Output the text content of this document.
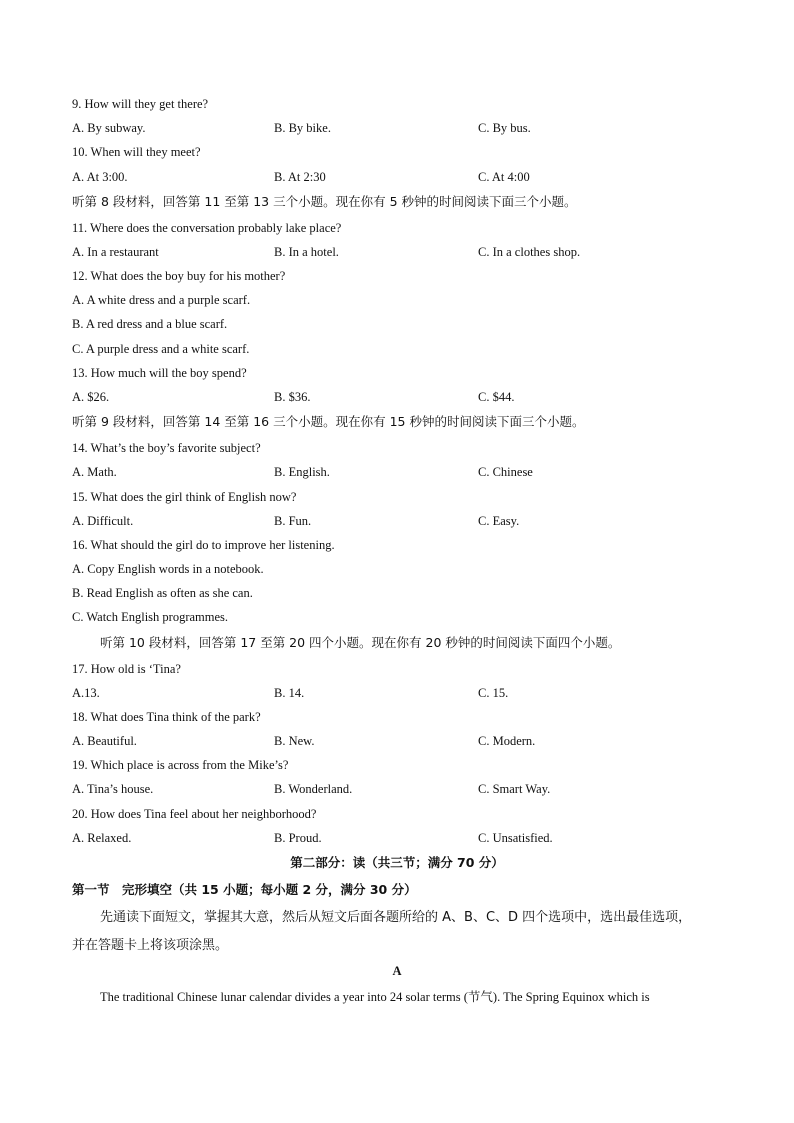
9. How will they get there?
A. By subway.	B. By bike.	C. By bus.
10. When will they meet?
A. At 3:00.	B. At 2:30	C. At 4:00
听第 8 段材料，回答第 11 至第 13 三个小题。现在你有 5 秒钟的时间阅读下面三个小题。
11. Where does the conversation probably lake place?
A. In a restaurant	B. In a hotel.	C. In a clothes shop.
12. What does the boy buy for his mother?
A. A white dress and a purple scarf.
B. A red dress and a blue scarf.
C. A purple dress and a white scarf.
13. How much will the boy spend?
A. $26.	B. $36.	C. $44.
听第 9 段材料，回答第 14 至第 16 三个小题。现在你有 15 秒钟的时间阅读下面三个小题。
14. What’s the boy’s favorite subject?
A. Math.	B. English.	C. Chinese
15. What does the girl think of English now?
A. Difficult.	B. Fun.	C. Easy.
16. What should the girl do to improve her listening.
A. Copy English words in a notebook.
B. Read English as often as she can.
C. Watch English programmes.
听第 10 段材料，回答第 17 至第 20 四个小题。现在你有 20 秒钟的时间阅读下面四个小题。
17. How old is ‘Tina?
A.13.	B. 14.	C. 15.
18. What does Tina think of the park?
A. Beautiful.	B. New.	C. Modern.
19. Which place is across from the Mike’s?
A. Tina’s house.	B. Wonderland.	C. Smart Way.
20. How does Tina feel about her neighborhood?
A. Relaxed.	B. Proud.	C. Unsatisfied.
第二部分：读（共三节；满分 70 分）
第一节　完形填空（共 15 小题；每小题 2 分，满分 30 分）
先通读下面短文，掌握其大意，然后从短文后面各题所给的 A、B、C、D 四个选项中，选出最佳选项，
并在答题卡上将该项涂黑。
A
The traditional Chinese lunar calendar divides a year into 24 solar terms (节气). The Spring Equinox which is
